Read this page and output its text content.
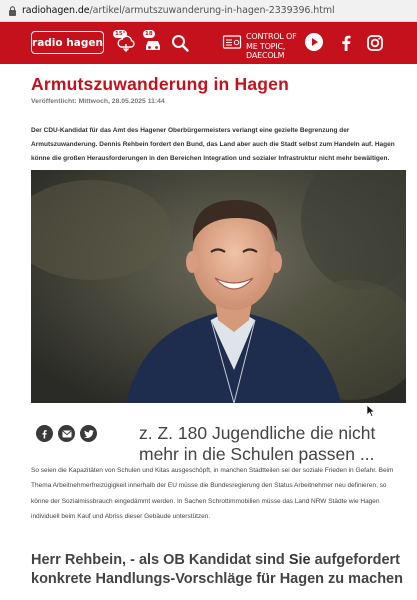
radiohagen.de/artikel/armutszuwanderung-in-hagen-2339396.html
radio hagen
15°	18	CONTROL OF ME TOPIC, DAECOLM
Armutszuwanderung in Hagen
Veröffentlicht: Mittwoch, 28.05.2025 11:44

Der CDU-Kandidat für das Amt des Hagener Oberbürgermeisters verlangt eine gezielte Begrenzung der Armutszuwanderung. Dennis Rehbein fordert den Bund, das Land aber auch die Stadt selbst zum Handeln auf. Hagen könne die großen Herausforderungen in den Bereichen Integration und sozialer Infrastruktur nicht mehr bewältigen.

z. Z. 180 Jugendliche die nicht mehr in die Schulen passen ...

So seien die Kapazitäten von Schulen und Kitas ausgeschöpft, in manchen Stadtteilen sei der soziale Frieden in Gefahr. Beim Thema Arbeitnehmerfreizügigkeit innerhalb der EU müsse die Bundesregierung den Status Arbeitnehmer neu definieren, so könne der Sozialmissbrauch eingedämmt werden. In Sachen Schrottimmobilien müsse das Land NRW Städte wie Hagen individuell beim Kauf und Abriss dieser Gebäude unterstützen.

Herr Rehbein, - als OB Kandidat sind Sie aufgefordert konkrete Handlungs-Vorschläge für Hagen zu machen
